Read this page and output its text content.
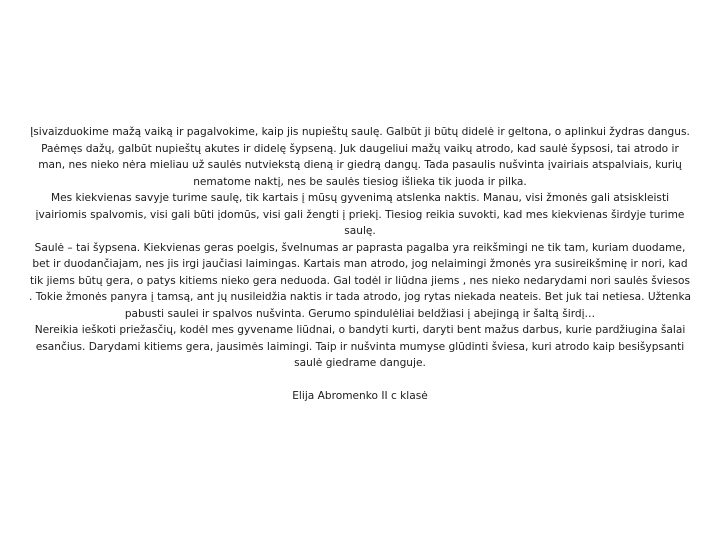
Įsivaizduokime mažą vaiką ir pagalvokime, kaip jis nupieštų saulę. Galbūt ji būtų didelė ir geltona, o aplinkui žydras dangus. Paėmęs dažų, galbūt nupieštų akutes ir didelę šypseną. Juk daugeliui mažų vaikų atrodo, kad saulė šypsosi, tai atrodo ir man, nes nieko nėra mieliau už saulės nutviekstą dieną ir giedrą dangų. Tada pasaulis nušvinta įvairiais atspalviais, kurių nematome naktį, nes be saulės tiesiog išlieka tik juoda ir pilka.

Mes kiekvienas savyje turime saulę, tik kartais į mūsų gyvenimą atslenka naktis. Manau, visi žmonės gali atsiskleisti įvairiomis spalvomis, visi gali būti įdomūs, visi gali žengti į priekį. Tiesiog reikia suvokti, kad mes kiekvienas širdyje turime saulę.

Saulė – tai šypsena. Kiekvienas geras poelgis, švelnumas ar paprasta pagalba yra reikšmingi ne tik tam, kuriam duodame, bet ir duodančiajam, nes jis irgi jaučiasi laimingas. Kartais man atrodo, jog nelaimingi žmonės yra susireikšminę ir nori, kad tik jiems būtų gera, o patys kitiems nieko gera neduoda. Gal todėl ir liūdna jiems , nes nieko nedarydami nori saulės šviesos . Tokie žmonės panyra į tamsą, ant jų nusileidžia naktis ir tada atrodo, jog rytas niekada neateis. Bet juk tai netiesa. Užtenka pabusti saulei ir spalvos nušvinta. Gerumo spindulėliai beldžiasi į abejingą ir šaltą širdį…

Nereikia ieškoti priežasčių, kodėl mes gyvename liūdnai, o bandyti kurti, daryti bent mažus darbus, kurie pardžiugina šalai esančius. Darydami kitiems gera, jausimės laimingi. Taip ir nušvinta mumyse glūdinti šviesa, kuri atrodo kaip besišypsanti saulė giedrame danguje.

Elija Abromenko II c klasė
